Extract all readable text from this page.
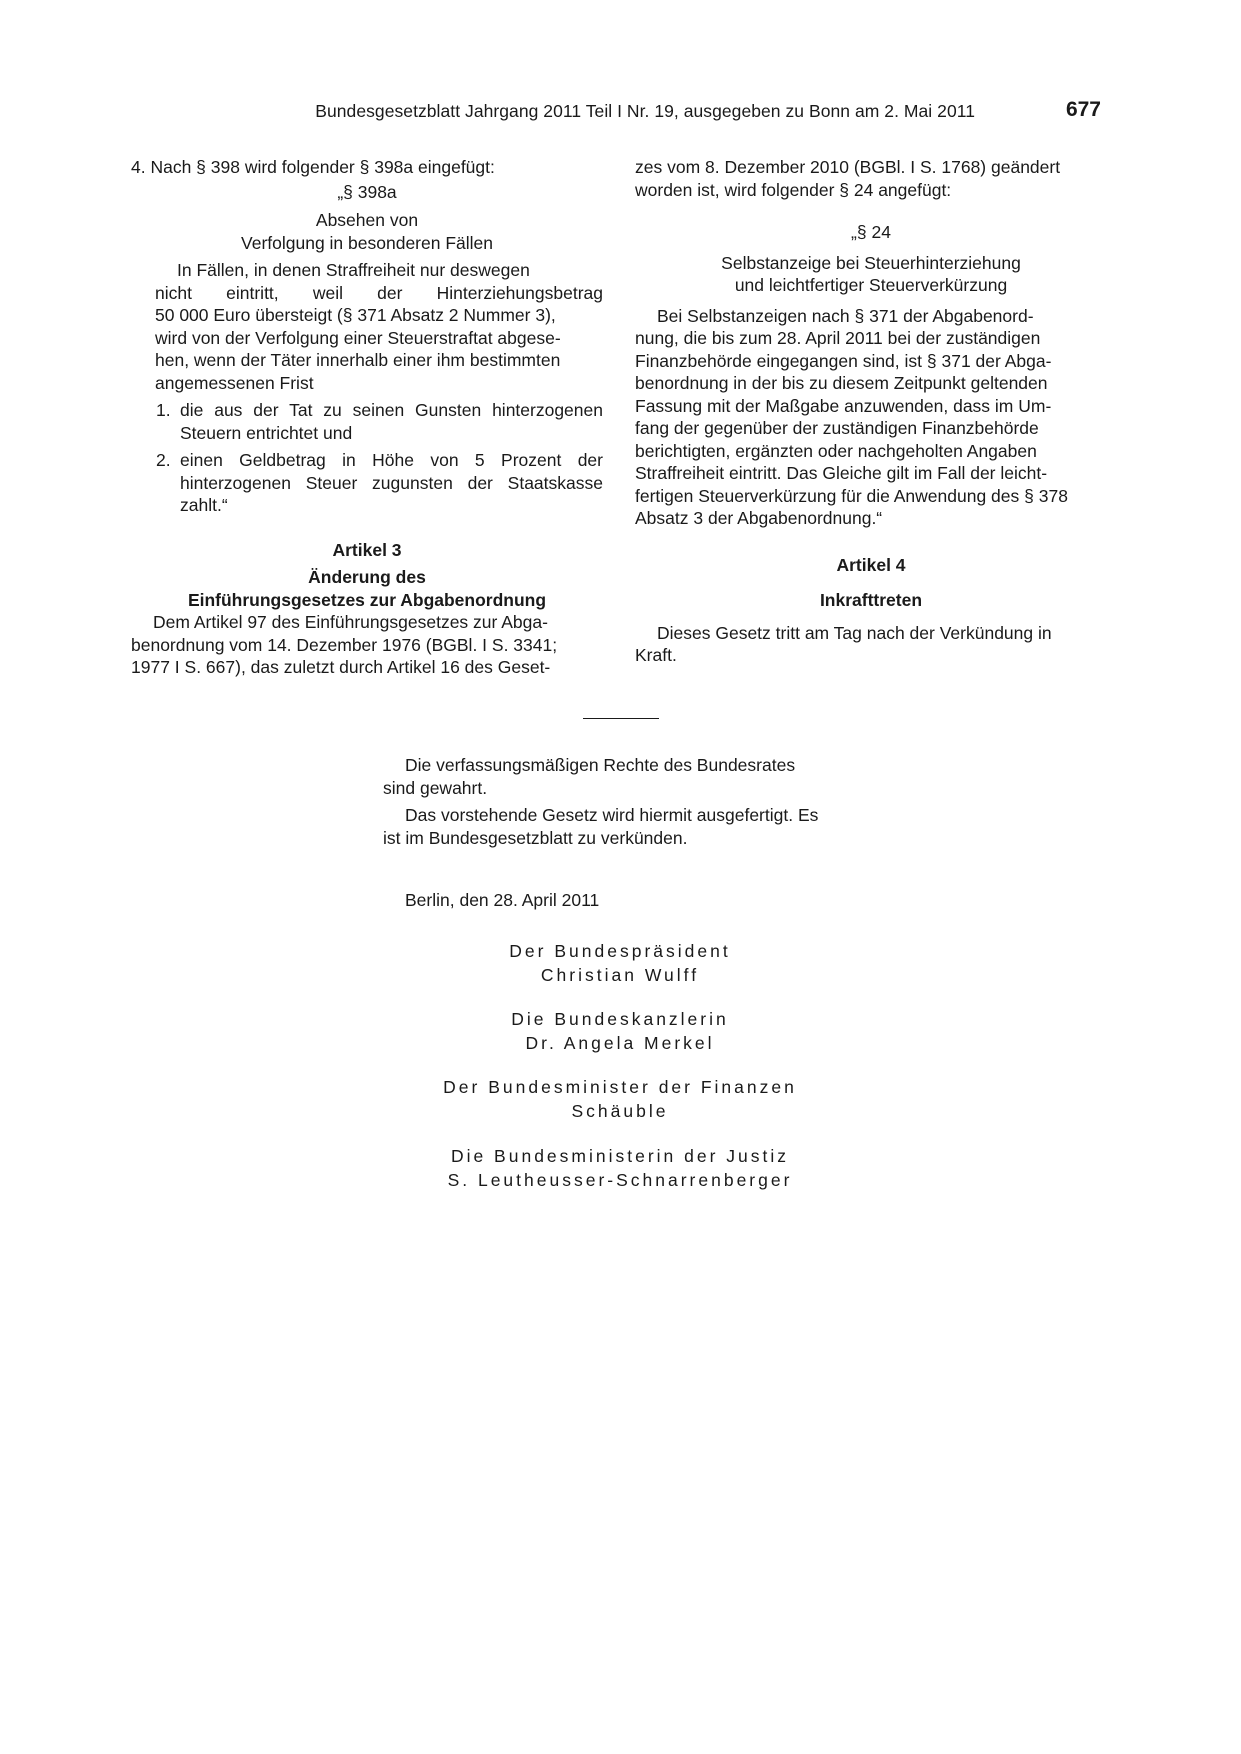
Bundesgesetzblatt Jahrgang 2011 Teil I Nr. 19, ausgegeben zu Bonn am 2. Mai 2011	677

4. Nach § 398 wird folgender § 398a eingefügt:

„§ 398a

Absehen von

Verfolgung in besonderen Fällen

In Fällen, in denen Straffreiheit nur deswegen

nicht eintritt, weil der Hinterziehungsbetrag

50 000 Euro übersteigt (§ 371 Absatz 2 Nummer 3),

wird von der Verfolgung einer Steuerstraftat abgese-

hen, wenn der Täter innerhalb einer ihm bestimmten

angemessenen Frist

1. die aus der Tat zu seinen Gunsten hinterzogenen Steuern entrichtet und
2. einen Geldbetrag in Höhe von 5 Prozent der hinterzogenen Steuer zugunsten der Staatskasse zahlt.“

Artikel 3

Änderung des

Einführungsgesetzes zur Abgabenordnung

Dem Artikel 97 des Einführungsgesetzes zur Abga-

benordnung vom 14. Dezember 1976 (BGBl. I S. 3341;

1977 I S. 667), das zuletzt durch Artikel 16 des Geset-

zes vom 8. Dezember 2010 (BGBl. I S. 1768) geändert

worden ist, wird folgender § 24 angefügt:

„§ 24

Selbstanzeige bei Steuerhinterziehung

und leichtfertiger Steuerverkürzung

Bei Selbstanzeigen nach § 371 der Abgabenord-

nung, die bis zum 28. April 2011 bei der zuständigen

Finanzbehörde eingegangen sind, ist § 371 der Abga-

benordnung in der bis zu diesem Zeitpunkt geltenden

Fassung mit der Maßgabe anzuwenden, dass im Um-

fang der gegenüber der zuständigen Finanzbehörde

berichtigten, ergänzten oder nachgeholten Angaben

Straffreiheit eintritt. Das Gleiche gilt im Fall der leicht-

fertigen Steuerverkürzung für die Anwendung des § 378

Absatz 3 der Abgabenordnung.“

Artikel 4

Inkrafttreten

Dieses Gesetz tritt am Tag nach der Verkündung in

Kraft.

Die verfassungsmäßigen Rechte des Bundesrates

sind gewahrt.

Das vorstehende Gesetz wird hiermit ausgefertigt. Es

ist im Bundesgesetzblatt zu verkünden.

Berlin, den 28. April 2011

Der Bundespräsident

Christian Wulff

Die Bundeskanzlerin

Dr. Angela Merkel

Der Bundesminister der Finanzen

Schäuble

Die Bundesministerin der Justiz

S. Leutheusser-Schnarrenberger
